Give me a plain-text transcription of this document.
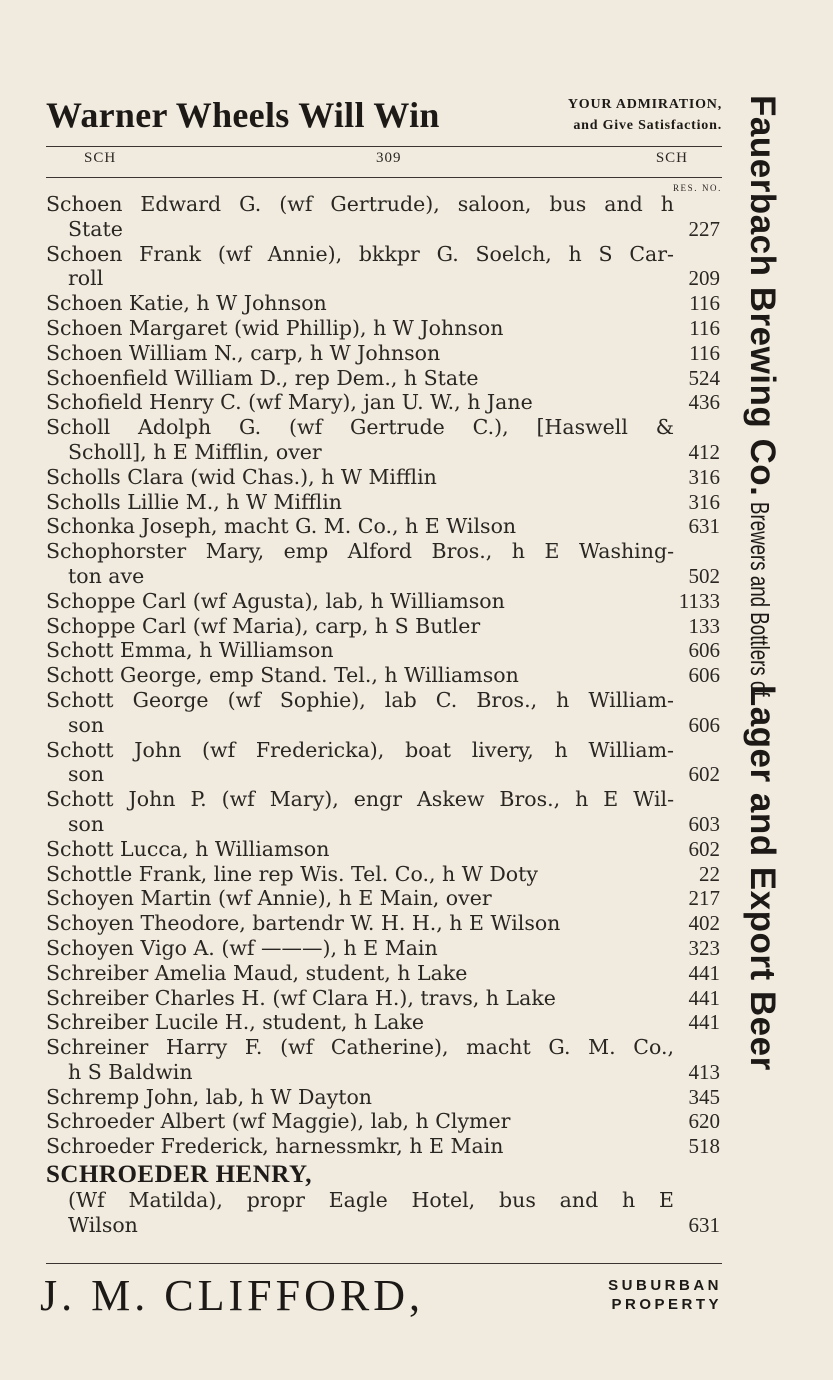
Warner Wheels Will Win	YOUR ADMIRATION,
and Give Satisfaction.
SCH	309	SCH
RES. NO.
Schoen Edward G. (wf Gertrude), saloon, bus and h
State	227
Schoen Frank (wf Annie), bkkpr G. Soelch, h S Car-
roll	209
Schoen Katie, h W Johnson	116
Schoen Margaret (wid Phillip), h W Johnson	116
Schoen William N., carp, h W Johnson	116
Schoenfield William D., rep Dem., h State	524
Schofield Henry C. (wf Mary), jan U. W., h Jane	436
Scholl Adolph G. (wf Gertrude C.), [Haswell &
Scholl], h E Mifflin, over	412
Scholls Clara (wid Chas.), h W Mifflin	316
Scholls Lillie M., h W Mifflin	316
Schonka Joseph, macht G. M. Co., h E Wilson	631
Schophorster Mary, emp Alford Bros., h E Washing-
ton ave	502
Schoppe Carl (wf Agusta), lab, h Williamson	1133
Schoppe Carl (wf Maria), carp, h S Butler	133
Schott Emma, h Williamson	606
Schott George, emp Stand. Tel., h Williamson	606
Schott George (wf Sophie), lab C. Bros., h William-
son	606
Schott John (wf Fredericka), boat livery, h William-
son	602
Schott John P. (wf Mary), engr Askew Bros., h E Wil-
son	603
Schott Lucca, h Williamson	602
Schottle Frank, line rep Wis. Tel. Co., h W Doty	22
Schoyen Martin (wf Annie), h E Main, over	217
Schoyen Theodore, bartendr W. H. H., h E Wilson	402
Schoyen Vigo A. (wf ———), h E Main	323
Schreiber Amelia Maud, student, h Lake	441
Schreiber Charles H. (wf Clara H.), travs, h Lake	441
Schreiber Lucile H., student, h Lake	441
Schreiner Harry F. (wf Catherine), macht G. M. Co.,
h S Baldwin	413
Schremp John, lab, h W Dayton	345
Schroeder Albert (wf Maggie), lab, h Clymer	620
Schroeder Frederick, harnessmkr, h E Main	518
SCHROEDER HENRY,
(Wf Matilda), propr Eagle Hotel, bus and h E
Wilson	631
J. M. CLIFFORD,	SUBURBAN
PROPERTY
Fauerbach Brewing Co. Brewers and Bottlers of Lager and Export Beer
